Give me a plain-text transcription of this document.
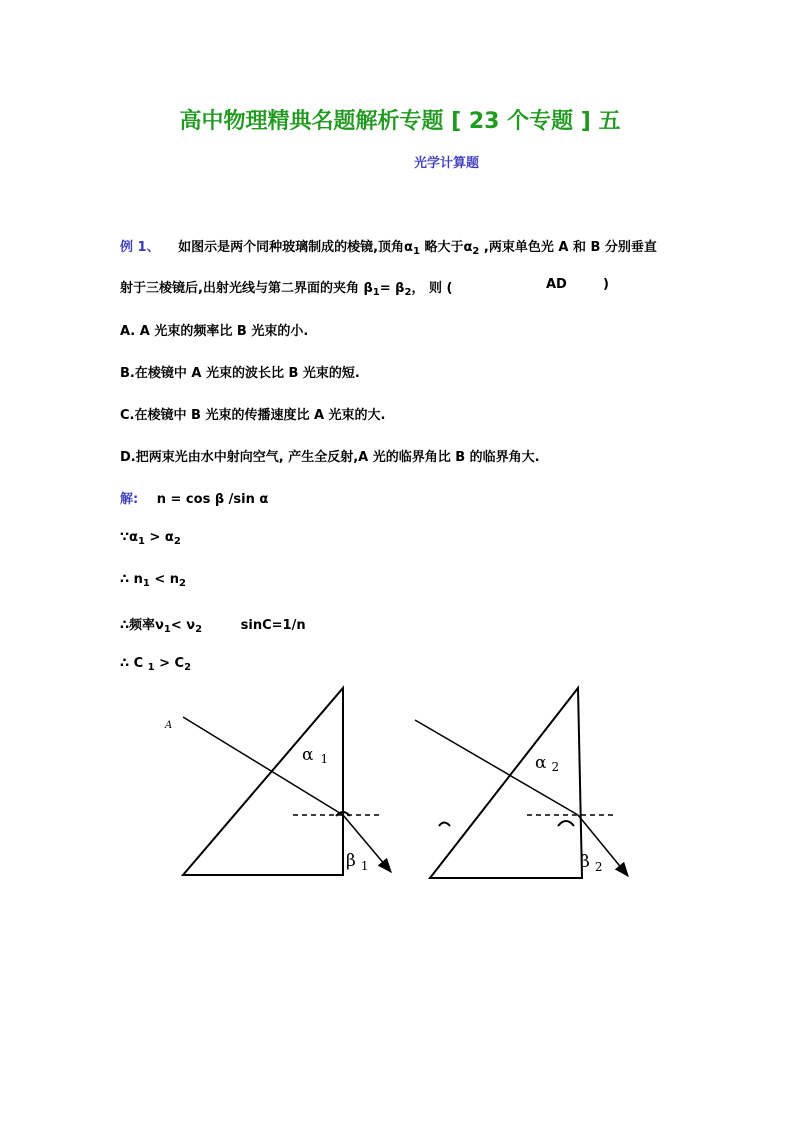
高中物理精典名题解析专题 [ 23 个专题 ] 五
光学计算题
例 1、 如图示是两个同种玻璃制成的棱镜,顶角$\alpha_1$ 略大于$\alpha_2$ ,两束单色光 A 和 B 分别垂直
射于三棱镜后,出射光线与第二界面的夹角 $\beta_1= \beta_2$， 则 (	AD	)
A. A 光束的频率比 B 光束的小.
B.在棱镜中 A 光束的波长比 B 光束的短.
C.在棱镜中 B 光束的传播速度比 A 光束的大.
D.把两束光由水中射向空气, 产生全反射,A 光的临界角比 B 的临界角大.
解: n = cos β /sin α
$\because\alpha_1 > \alpha_2$
∴ $n_1 < n_2$
∴频率$\nu_1< \nu_2$	sinC=1/n
∴ C $_1 > C_2$
A
α 1
β $_1$
α 2
β $_2$
